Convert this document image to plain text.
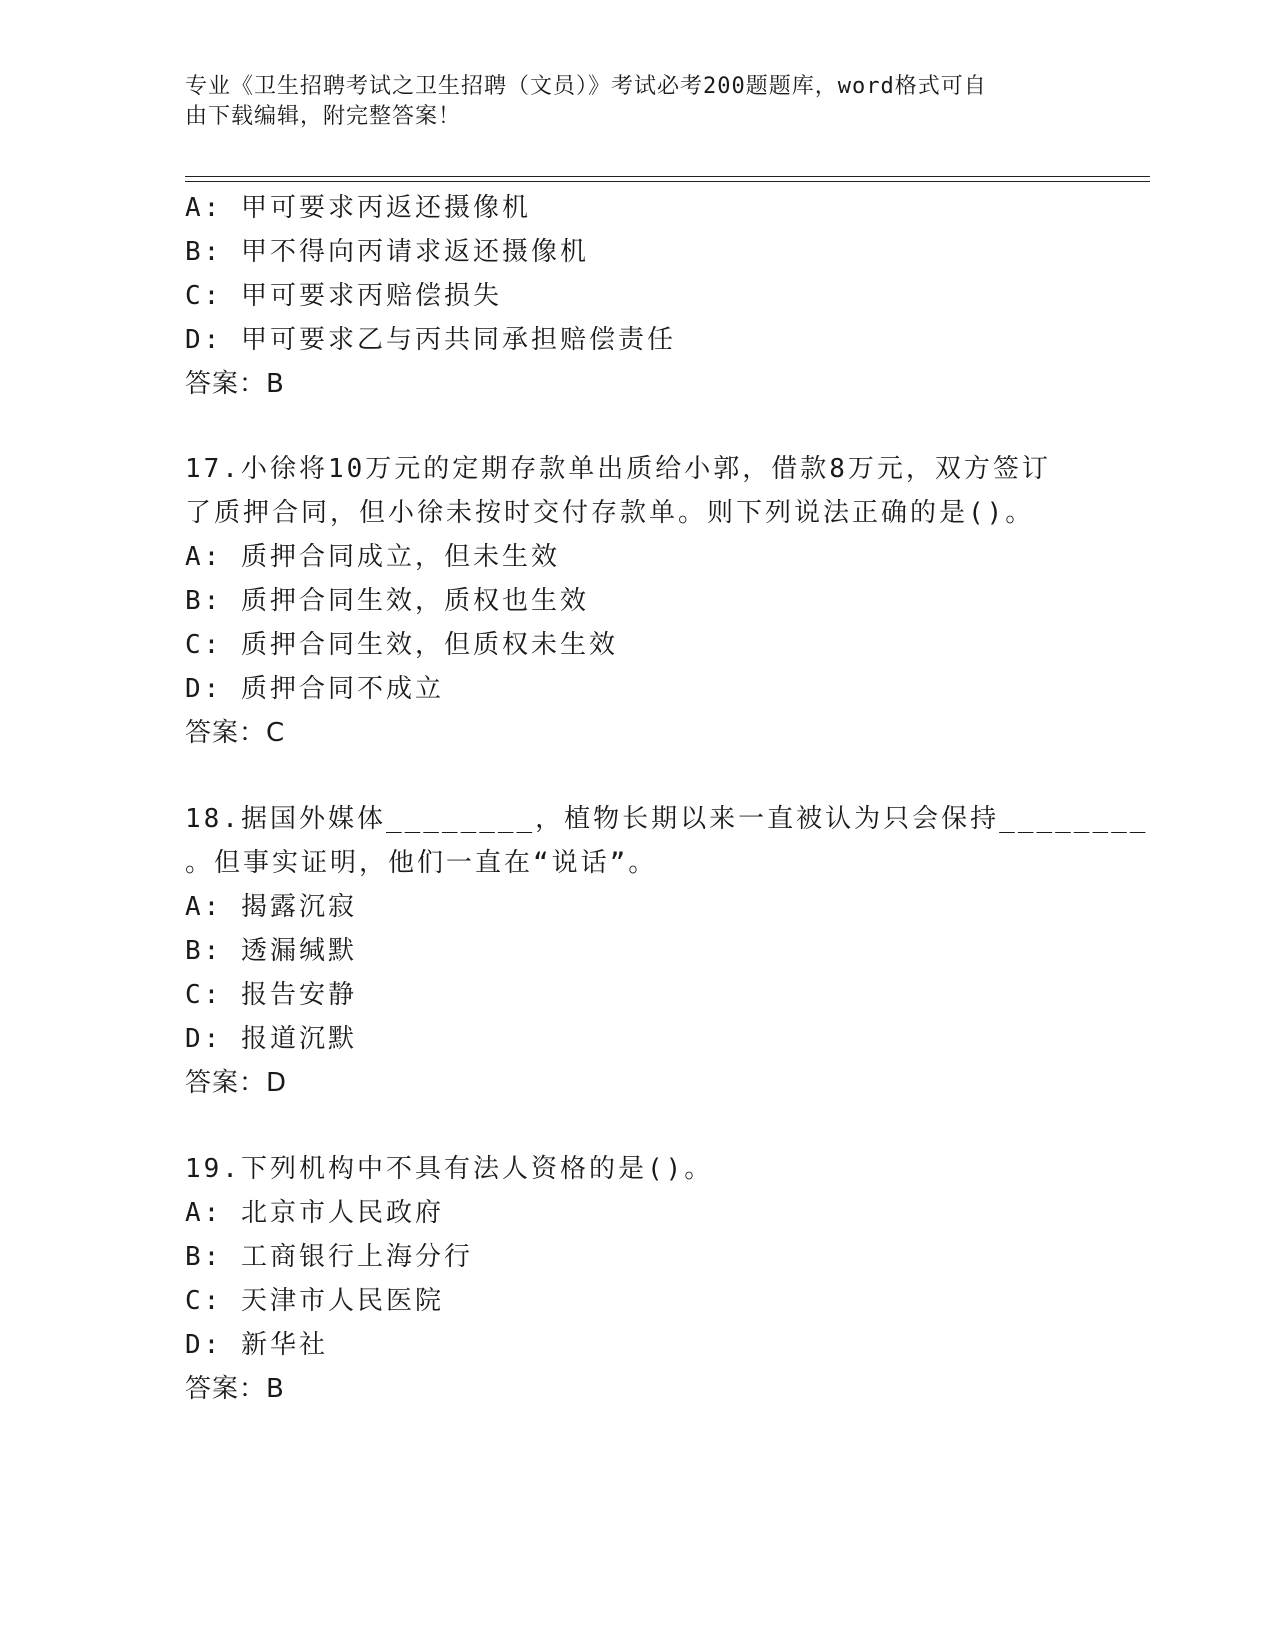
专业《卫生招聘考试之卫生招聘（文员）》考试必考200题题库，word格式可自
由下载编辑，附完整答案！
A: 甲可要求丙返还摄像机
B: 甲不得向丙请求返还摄像机
C: 甲可要求丙赔偿损失
D: 甲可要求乙与丙共同承担赔偿责任
答案：B
17.小徐将10万元的定期存款单出质给小郭，借款8万元，双方签订
了质押合同，但小徐未按时交付存款单。则下列说法正确的是()。
A: 质押合同成立，但未生效
B: 质押合同生效，质权也生效
C: 质押合同生效，但质权未生效
D: 质押合同不成立
答案：C
18.据国外媒体________，植物长期以来一直被认为只会保持________
。但事实证明，他们一直在“说话”。
A: 揭露沉寂
B: 透漏缄默
C: 报告安静
D: 报道沉默
答案：D
19.下列机构中不具有法人资格的是()。
A: 北京市人民政府
B: 工商银行上海分行
C: 天津市人民医院
D: 新华社
答案：B
